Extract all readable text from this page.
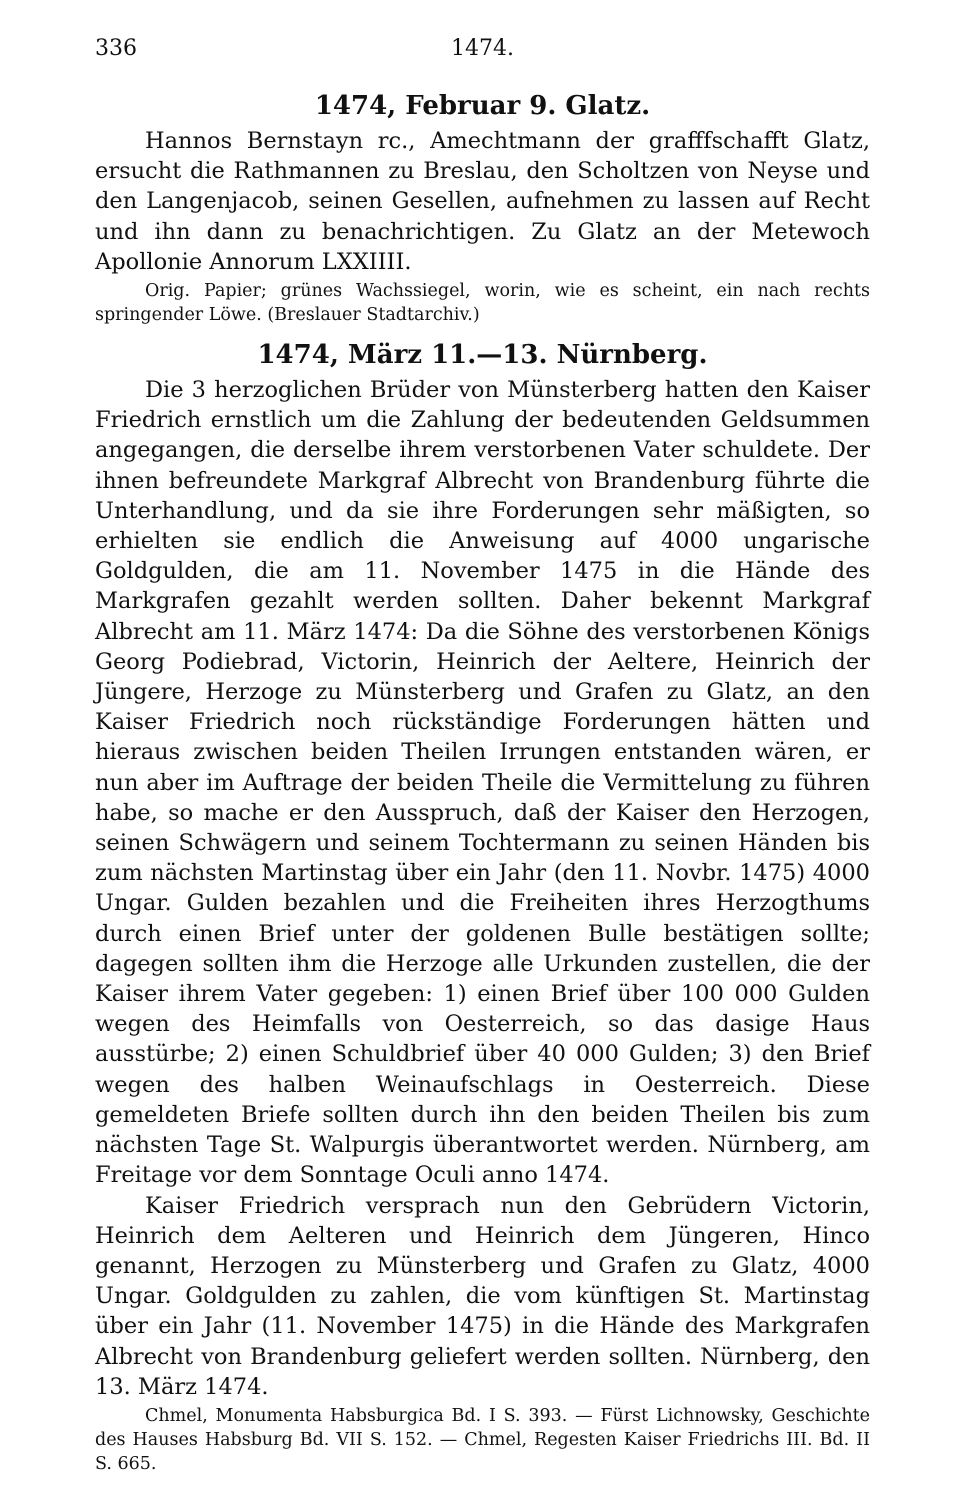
336	1474.
1474, Februar 9. Glatz.

Hannos Bernstayn rc., Amechtmann der grafffschafft Glatz, ersucht die Rathmannen zu Breslau, den Scholtzen von Neyse und den Langenjacob, seinen Gesellen, aufnehmen zu lassen auf Recht und ihn dann zu benachrichtigen. Zu Glatz an der Metewoch Apollonie Annorum LXXIIII.

Orig. Papier; grünes Wachssiegel, worin, wie es scheint, ein nach rechts springender Löwe. (Breslauer Stadtarchiv.)

1474, März 11.—13. Nürnberg.

Die 3 herzoglichen Brüder von Münsterberg hatten den Kaiser Friedrich ernstlich um die Zahlung der bedeutenden Geldsummen angegangen, die derselbe ihrem verstorbenen Vater schuldete. Der ihnen befreundete Markgraf Albrecht von Brandenburg führte die Unterhandlung, und da sie ihre Forderungen sehr mäßigten, so erhielten sie endlich die Anweisung auf 4000 ungarische Goldgulden, die am 11. November 1475 in die Hände des Markgrafen gezahlt werden sollten. Daher bekennt Markgraf Albrecht am 11. März 1474: Da die Söhne des verstorbenen Königs Georg Podiebrad, Victorin, Heinrich der Aeltere, Heinrich der Jüngere, Herzoge zu Münsterberg und Grafen zu Glatz, an den Kaiser Friedrich noch rückständige Forderungen hätten und hieraus zwischen beiden Theilen Irrungen entstanden wären, er nun aber im Auftrage der beiden Theile die Vermittelung zu führen habe, so mache er den Ausspruch, daß der Kaiser den Herzogen, seinen Schwägern und seinem Tochtermann zu seinen Händen bis zum nächsten Martinstag über ein Jahr (den 11. Novbr. 1475) 4000 Ungar. Gulden bezahlen und die Freiheiten ihres Herzogthums durch einen Brief unter der goldenen Bulle bestätigen sollte; dagegen sollten ihm die Herzoge alle Urkunden zustellen, die der Kaiser ihrem Vater gegeben: 1) einen Brief über 100 000 Gulden wegen des Heimfalls von Oesterreich, so das dasige Haus ausstürbe; 2) einen Schuldbrief über 40 000 Gulden; 3) den Brief wegen des halben Weinaufschlags in Oesterreich. Diese gemeldeten Briefe sollten durch ihn den beiden Theilen bis zum nächsten Tage St. Walpurgis überantwortet werden. Nürnberg, am Freitage vor dem Sonntage Oculi anno 1474.

Kaiser Friedrich versprach nun den Gebrüdern Victorin, Heinrich dem Aelteren und Heinrich dem Jüngeren, Hinco genannt, Herzogen zu Münsterberg und Grafen zu Glatz, 4000 Ungar. Goldgulden zu zahlen, die vom künftigen St. Martinstag über ein Jahr (11. November 1475) in die Hände des Markgrafen Albrecht von Brandenburg geliefert werden sollten. Nürnberg, den 13. März 1474.

Chmel, Monumenta Habsburgica Bd. I S. 393. — Fürst Lichnowsky, Geschichte des Hauses Habsburg Bd. VII S. 152. — Chmel, Regesten Kaiser Friedrichs III. Bd. II S. 665.
